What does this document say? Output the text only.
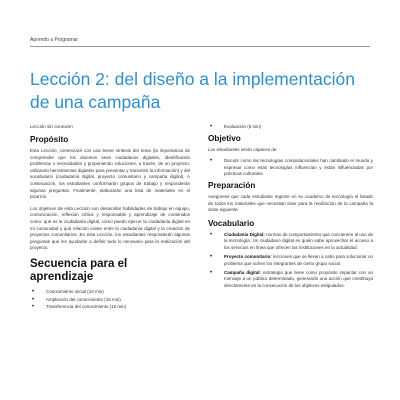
Aprendo a Programar
Lección 2: del diseño a la implementación de una campaña
Lección sin conexión
Propósito

Esta Lección, comenzará con una breve síntesis del tema (la importancia de comprender que los alumnos sean ciudadanos digitales, identificando problemas o necesidades y proponiendo soluciones, a través, de un proyecto, utilizando herramientas digitales para presentar y transmitir la información) y del vocabulario (ciudadanía digital, proyecto comunitario y campaña digital). A continuación, los estudiantes conformarán grupos de trabajo y responderán algunas preguntas. Finalmente, elaborarán una lista de materiales en el pizarrón.

Los objetivos de esta Lección son desarrollar habilidades de trabajo en equipo, comunicación, reflexión crítica y responsable y aprendizaje de contenidos como: qué es la ciudadanía digital, cómo puedo ejercer la ciudadanía digital en mi comunidad y qué relación existe entre la ciudadanía digital y la creación de proyectos comunitarios. En esta Lección, los estudiantes responderán algunas preguntas que les ayudarán a definir todo lo necesario para la realización del proyecto.

Secuencia para el aprendizaje
•	Conocimiento inicial (10 min)
•	Ampliación del conocimiento (15 min)
•	Transferencia del conocimiento (15 min)
•	Evaluación (5 min)
Objetivo

Los estudiantes serán capaces de:

•	Discutir como las tecnologías computacionales han cambiado el mundo y expresar como esas tecnologías influencian y están influenciadas por prácticas culturales.
Preparación

Asegúrese que cada estudiante registre en su cuaderno de tecnología el listado de todos los materiales que necesitan traer para la realización de la campaña la clase siguiente.

Vocabulario
•	Ciudadanía Digital: normas de comportamiento que conciernen al uso de la tecnología. Un ciudadano digital es quién sabe aprovechar el acceso a los servicios en línea que ofrecen las instituciones en la actualidad.
•	Proyecto comunitario: lecciones que se llevan a cabo para solucionar un problema que sufren los integrantes de cierto grupo social.
•	Campaña digital: estrategia que tiene como propósito impactar con un mensaje a un público determinado, generando una acción que contribuya directamente en la consecución de los objetivos estipulados.
